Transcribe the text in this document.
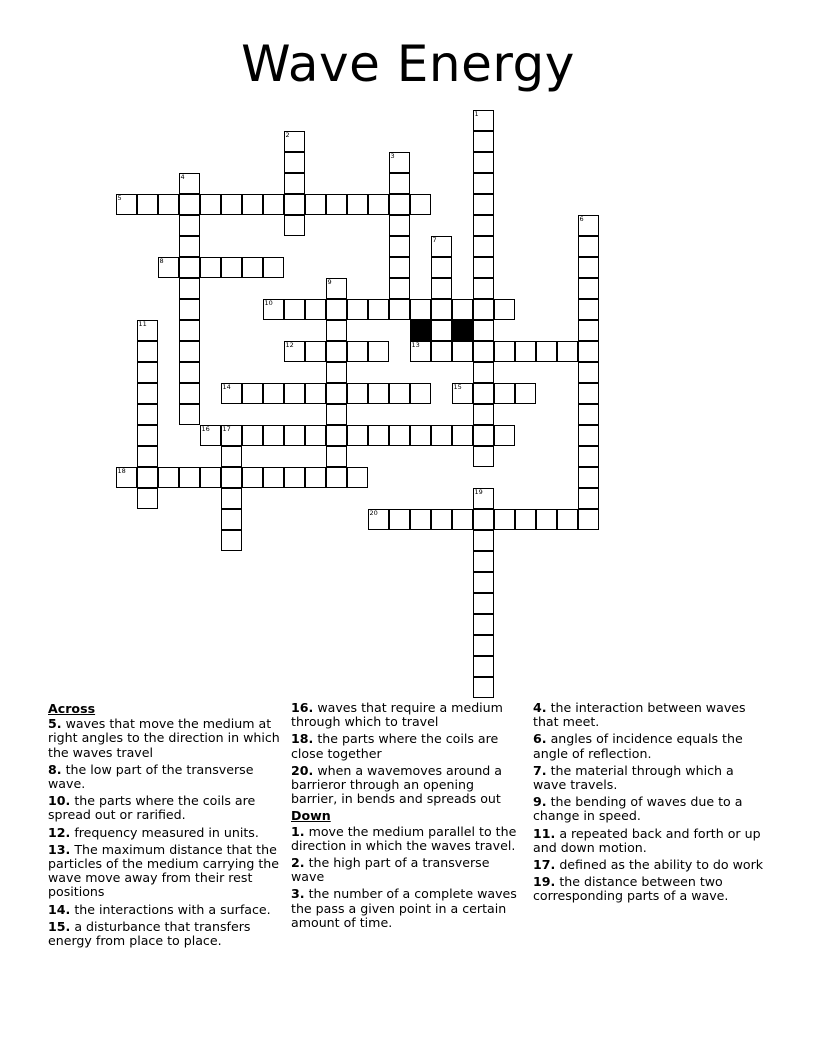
Wave Energy
1
2
3
4
5
6
7
8
9
10
11
12	13
14	15
16 17
18
19
20
Across
5. waves that move the medium at right angles to the direction in which the waves travel
8. the low part of the transverse wave.
10. the parts where the coils are spread out or rarified.
12. frequency measured in units.
13. The maximum distance that the particles of the medium carrying the wave move away from their rest positions
14. the interactions with a surface.
15. a disturbance that transfers energy from place to place.
16. waves that require a medium through which to travel
18. the parts where the coils are close together
20. when a wavemoves around a barrieror through an opening barrier, in bends and spreads out
Down
1. move the medium parallel to the direction in which the waves travel.
2. the high part of a transverse wave
3. the number of a complete waves the pass a given point in a certain amount of time.
4. the interaction between waves that meet.
6. angles of incidence equals the angle of reflection.
7. the material through which a wave travels.
9. the bending of waves due to a change in speed.
11. a repeated back and forth or up and down motion.
17. defined as the ability to do work
19. the distance between two corresponding parts of a wave.
